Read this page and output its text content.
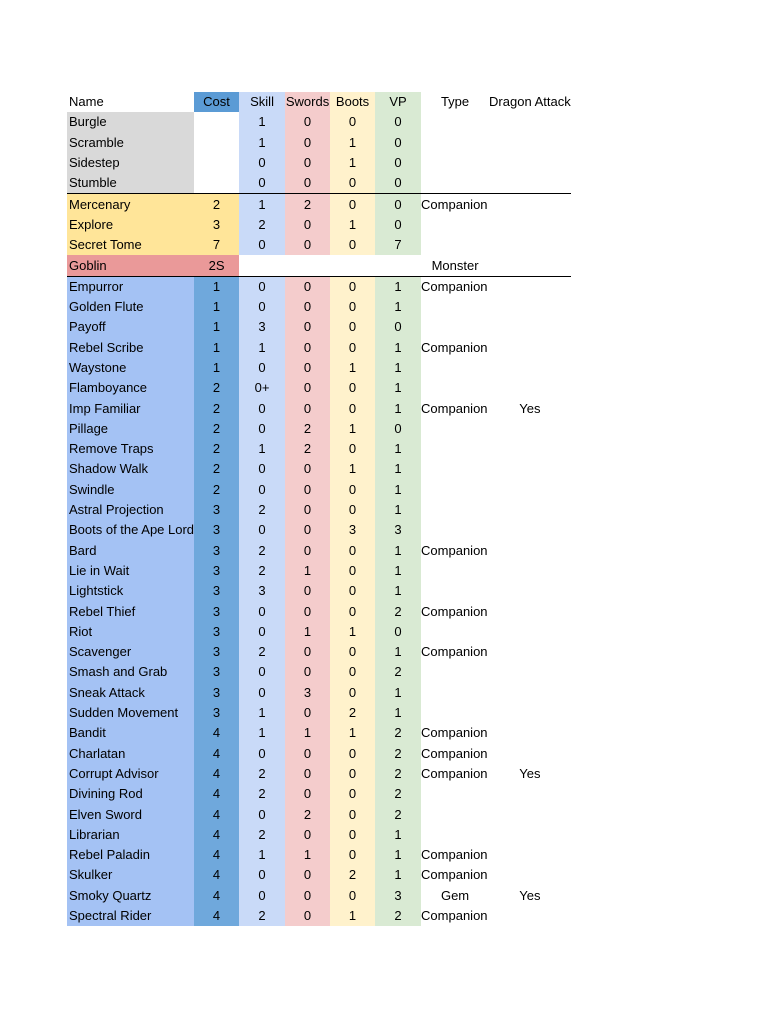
Name	Cost	Skill	Swords	Boots	VP	Type	Dragon Attack
Burgle		1	0	0	0		
Scramble		1	0	1	0		
Sidestep		0	0	1	0		
Stumble		0	0	0	0		
Mercenary	2	1	2	0	0	Companion	
Explore	3	2	0	1	0		
Secret Tome	7	0	0	0	7		
Goblin	2S					Monster	
Empurror	1	0	0	0	1	Companion	
Golden Flute	1	0	0	0	1		
Payoff	1	3	0	0	0		
Rebel Scribe	1	1	0	0	1	Companion	
Waystone	1	0	0	1	1		
Flamboyance	2	0+	0	0	1		
Imp Familiar	2	0	0	0	1	Companion	Yes
Pillage	2	0	2	1	0		
Remove Traps	2	1	2	0	1		
Shadow Walk	2	0	0	1	1		
Swindle	2	0	0	0	1		
Astral Projection	3	2	0	0	1		
Boots of the Ape Lord	3	0	0	3	3		
Bard	3	2	0	0	1	Companion	
Lie in Wait	3	2	1	0	1		
Lightstick	3	3	0	0	1		
Rebel Thief	3	0	0	0	2	Companion	
Riot	3	0	1	1	0		
Scavenger	3	2	0	0	1	Companion	
Smash and Grab	3	0	0	0	2		
Sneak Attack	3	0	3	0	1		
Sudden Movement	3	1	0	2	1		
Bandit	4	1	1	1	2	Companion	
Charlatan	4	0	0	0	2	Companion	
Corrupt Advisor	4	2	0	0	2	Companion	Yes
Divining Rod	4	2	0	0	2		
Elven Sword	4	0	2	0	2		
Librarian	4	2	0	0	1		
Rebel Paladin	4	1	1	0	1	Companion	
Skulker	4	0	0	2	1	Companion	
Smoky Quartz	4	0	0	0	3	Gem	Yes
Spectral Rider	4	2	0	1	2	Companion	
